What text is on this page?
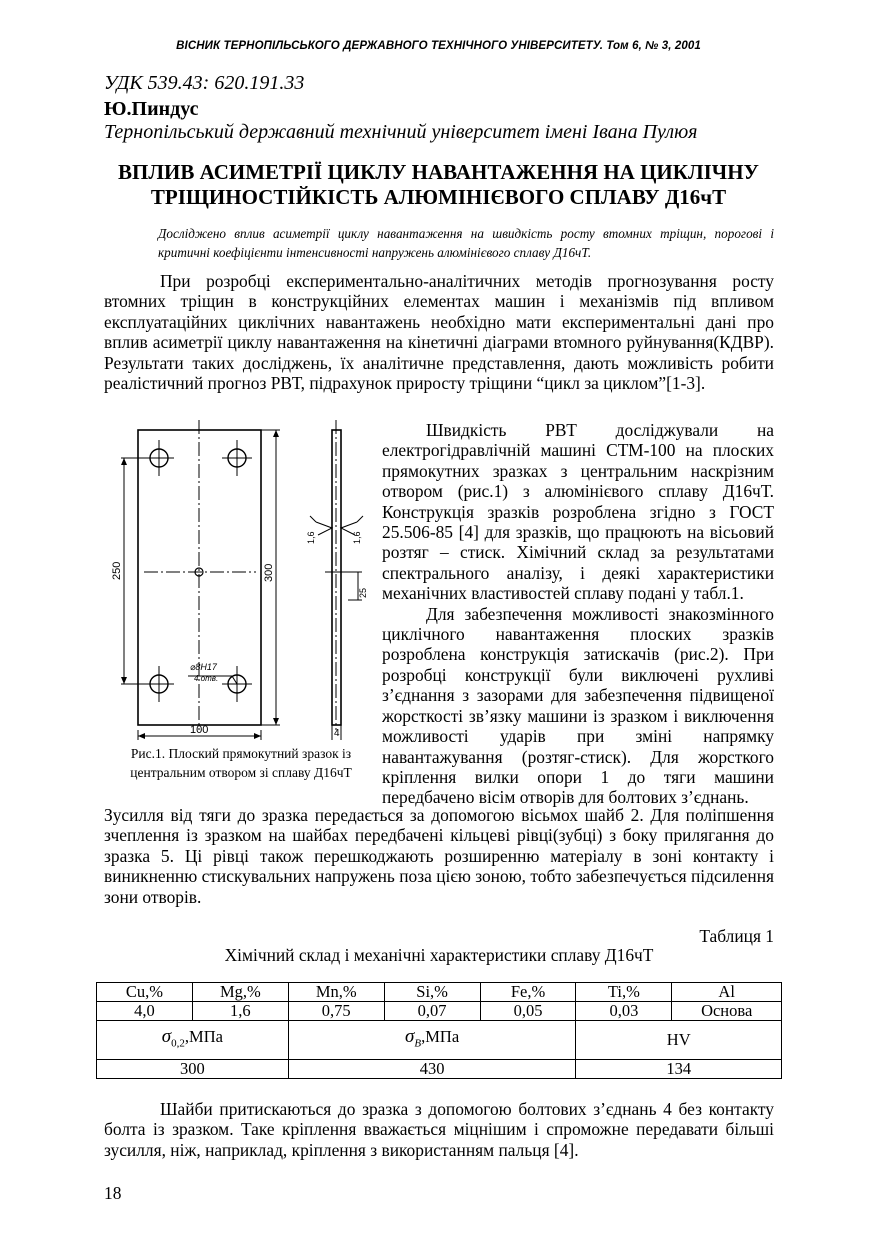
ВІСНИК ТЕРНОПІЛЬСЬКОГО ДЕРЖАВНОГО ТЕХНІЧНОГО УНІВЕРСИТЕТУ. Том 6, № 3, 2001
УДК 539.43: 620.191.33
Ю.Пиндус
Тернопільський державний технічний університет імені Івана Пулюя
ВПЛИВ АСИМЕТРІЇ ЦИКЛУ НАВАНТАЖЕННЯ НА ЦИКЛІЧНУ ТРІЩИНОСТІЙКІСТЬ АЛЮМІНІЄВОГО СПЛАВУ Д16чТ
Досліджено вплив асиметрії циклу навантаження на швидкість росту втомних тріщин, порогові і критичні коефіцієнти інтенсивності напружень алюмінієвого сплаву Д16чТ.
При розробці експериментально-аналітичних методів прогнозування росту втомних тріщин в конструкційних елементах машин і механізмів під впливом експлуатаційних циклічних навантажень необхідно мати експериментальні дані про вплив асиметрії циклу навантаження на кінетичні діаграми втомного руйнування(КДВР). Результати таких досліджень, їх аналітичне представлення, дають можливість робити реалістичний прогноз РВТ, підрахунок приросту тріщини “цикл за циклом”[1-3].
250	300
100	4
25
⌀8Н17
4 отв.
1,6	1,6
Рис.1. Плоский прямокутний зразок із центральним отвором зі сплаву Д16чТ

Швидкість РВТ досліджували на електрогідравлічній машині СТМ-100 на плоских прямокутних зразках з центральним наскрізним отвором (рис.1) з алюмінієвого сплаву Д16чТ. Конструкція зразків розроблена згідно з ГОСТ 25.506-85 [4] для зразків, що працюють на вісьовий розтяг – стиск. Хімічний склад за результатами спектрального аналізу, і деякі характеристики механічних властивостей сплаву подані у табл.1.

Для забезпечення можливості знакозмінного циклічного навантаження плоских зразків розроблена конструкція затискачів (рис.2). При розробці конструкції були виключені рухливі з’єднання з зазорами для забезпечення підвищеної жорсткості зв’язку машини із зразком і виключення можливості ударів при зміні напрямку навантажування (розтяг-стиск). Для жорсткого кріплення вилки опори 1 до тяги машини передбачено вісім отворів для болтових з’єднань.

Зусилля від тяги до зразка передається за допомогою вісьмох шайб 2. Для поліпшення зчеплення із зразком на шайбах передбачені кільцеві рівці(зубці) з боку прилягання до зразка 5. Ці рівці також перешкоджають розширенню матеріалу в зоні контакту і виникненню стискувальних напружень поза цією зоною, тобто забезпечується підсилення зони отворів.
Таблиця 1
Хімічний склад і механічні характеристики сплаву Д16чТ
Cu,%	Mg,%	Mn,%	Si,%	Fe,%	Ti,%	Al
4,0	1,6	0,75	0,07	0,05	0,03	Основа
$\sigma_{0,2},МПа$		$\sigma_B,МПа$			HV	
300		430			134	
Шайби притискаються до зразка з допомогою болтових з’єднань 4 без контакту болта із зразком. Таке кріплення вважається міцнішим і спроможне передавати більші зусилля, ніж, наприклад, кріплення з використанням пальця [4].
18
